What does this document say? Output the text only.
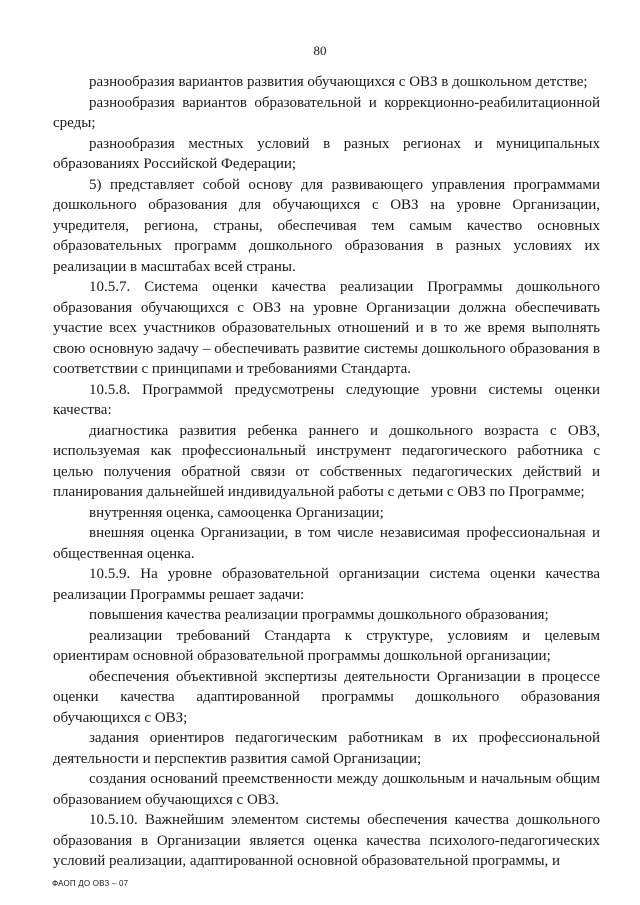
80

разнообразия вариантов развития обучающихся с ОВЗ в дошкольном детстве;

разнообразия вариантов образовательной и коррекционно-реабилитационной среды;

разнообразия местных условий в разных регионах и муниципальных образованиях Российской Федерации;

5) представляет собой основу для развивающего управления программами дошкольного образования для обучающихся с ОВЗ на уровне Организации, учредителя, региона, страны, обеспечивая тем самым качество основных образовательных программ дошкольного образования в разных условиях их реализации в масштабах всей страны.

10.5.7. Система оценки качества реализации Программы дошкольного образования обучающихся с ОВЗ на уровне Организации должна обеспечивать участие всех участников образовательных отношений и в то же время выполнять свою основную задачу – обеспечивать развитие системы дошкольного образования в соответствии с принципами и требованиями Стандарта.

10.5.8. Программой предусмотрены следующие уровни системы оценки качества:

диагностика развития ребенка раннего и дошкольного возраста с ОВЗ, используемая как профессиональный инструмент педагогического работника с целью получения обратной связи от собственных педагогических действий и планирования дальнейшей индивидуальной работы с детьми с ОВЗ по Программе;

внутренняя оценка, самооценка Организации;

внешняя оценка Организации, в том числе независимая профессиональная и общественная оценка.

10.5.9. На уровне образовательной организации система оценки качества реализации Программы решает задачи:

повышения качества реализации программы дошкольного образования;

реализации требований Стандарта к структуре, условиям и целевым ориентирам основной образовательной программы дошкольной организации;

обеспечения объективной экспертизы деятельности Организации в процессе оценки качества адаптированной программы дошкольного образования обучающихся с ОВЗ;

задания ориентиров педагогическим работникам в их профессиональной деятельности и перспектив развития самой Организации;

создания оснований преемственности между дошкольным и начальным общим образованием обучающихся с ОВЗ.

10.5.10. Важнейшим элементом системы обеспечения качества дошкольного образования в Организации является оценка качества психолого-педагогических условий реализации, адаптированной основной образовательной программы, и

ФАОП ДО ОВЗ – 07
